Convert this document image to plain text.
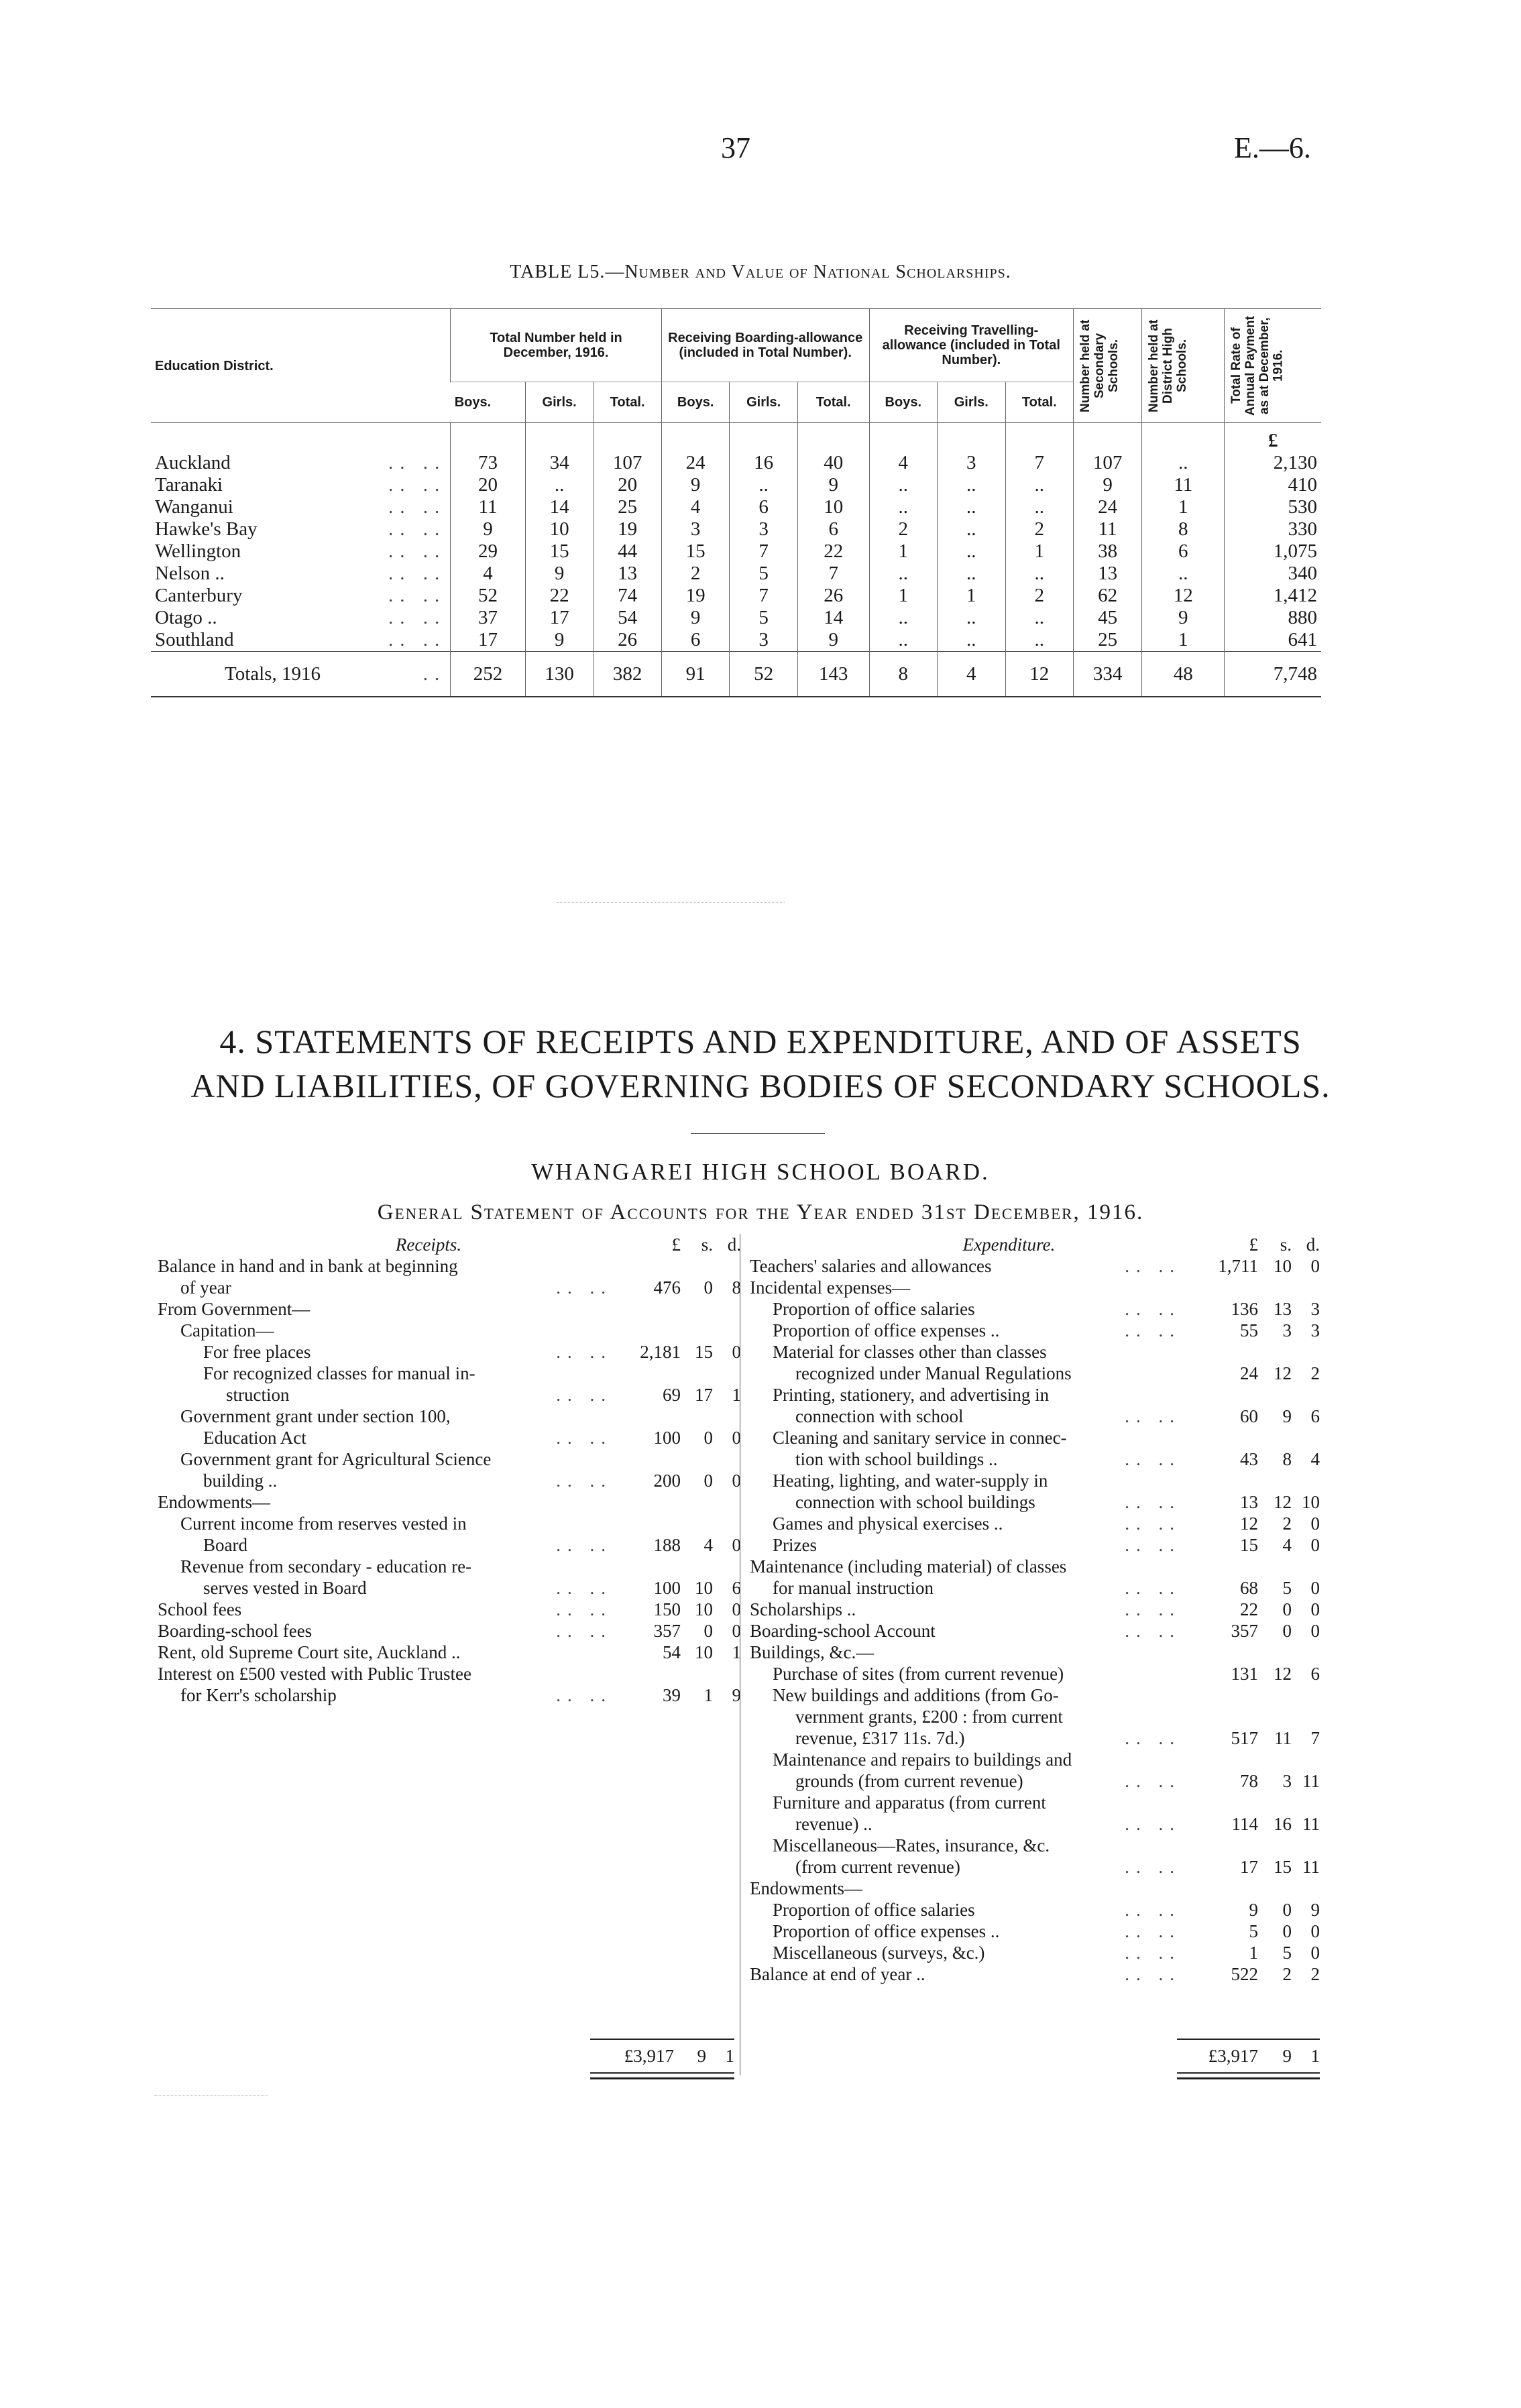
37	E.—6.
TABLE L5.—Number and Value of National Scholarships.
Education District.	Total Number held in December, 1916.			Receiving Boarding-allowance (included in Total Number).			Receiving Travelling-allowance (included in Total Number).			Number held at Secondary Schools.	Number held at District High Schools.	Total Rate of Annual Payment as at December, 1916.

	Boys.	Girls.	Total.	Boys.	Girls.	Total.	Boys.	Girls.	Total.			
												£
Auckland .. ..	73	34	107	24	16	40	4	3	7	107	..	2,130
Taranaki .. ..	20	..	20	9	..	9	..	..	..	9	11	410
Wanganui .. ..	11	14	25	4	6	10	..	..	..	24	1	530
Hawke's Bay .. ..	9	10	19	3	3	6	2	..	2	11	8	330
Wellington .. ..	29	15	44	15	7	22	1	..	1	38	6	1,075
Nelson .. .. ..	4	9	13	2	5	7	..	..	..	13	..	340
Canterbury .. ..	52	22	74	19	7	26	1	1	2	62	12	1,412
Otago .. .. ..	37	17	54	9	5	14	..	..	..	45	9	880
Southland .. ..	17	9	26	6	3	9	..	..	..	25	1	641
Totals, 1916 ..	252	130	382	91	52	143	8	4	12	334	48	7,748
4. STATEMENTS OF RECEIPTS AND EXPENDITURE, AND OF ASSETS
AND LIABILITIES, OF GOVERNING BODIES OF SECONDARY SCHOOLS.
WHANGAREI HIGH SCHOOL BOARD.
General Statement of Accounts for the Year ended 31st December, 1916.
Receipts.	£	s. d.
Balance in hand and in bank at beginning
of year	.. ..	476	0	8
From Government—
Capitation—
For free places	.. ..	2,181 15	0
For recognized classes for manual in-
struction	.. ..	69 17	1
Government grant under section 100,
Education Act	.. ..	100	0	0
Government grant for Agricultural Science
building ..	.. ..	200	0	0
Endowments—
Current income from reserves vested in
Board	.. ..	188	4	0
Revenue from secondary - education re-
serves vested in Board	.. ..	100 10	6
School fees	.. ..	150 10	0
Boarding-school fees	.. ..	357	0	0
Rent, old Supreme Court site, Auckland ..	54 10	1
Interest on £500 vested with Public Trustee
for Kerr's scholarship	.. ..	39	1	9
Expenditure.	£	s. d.
Teachers' salaries and allowances	.. ..	1,711 10	0
Incidental expenses—
Proportion of office salaries	.. ..	136 13	3
Proportion of office expenses ..	.. ..	55	3	3
Material for classes other than classes
recognized under Manual Regulations	24 12	2
Printing, stationery, and advertising in
connection with school	.. ..	60	9	6
Cleaning and sanitary service in connec-
tion with school buildings ..	.. ..	43	8	4
Heating, lighting, and water-supply in
connection with school buildings	.. ..	13 12 10
Games and physical exercises ..	.. ..	12	2	0
Prizes	.. ..	15	4	0
Maintenance (including material) of classes
for manual instruction	.. ..	68	5	0
Scholarships ..	.. ..	22	0	0
Boarding-school Account	.. ..	357	0	0
Buildings, &c.—
Purchase of sites (from current revenue)	131 12	6
New buildings and additions (from Go-
vernment grants, £200 : from current
revenue, £317 11s. 7d.)	.. ..	517 11	7
Maintenance and repairs to buildings and
grounds (from current revenue)	.. ..	78	3 11
Furniture and apparatus (from current
revenue) ..	.. ..	114 16 11
Miscellaneous—Rates, insurance, &c.
(from current revenue)	.. ..	17 15 11
Endowments—
Proportion of office salaries	.. ..	9	0	9
Proportion of office expenses ..	.. ..	5	0	0
Miscellaneous (surveys, &c.)	.. ..	1	5	0
Balance at end of year ..	.. ..	522	2	2
£3,917	9	1	£3,917	9	1
